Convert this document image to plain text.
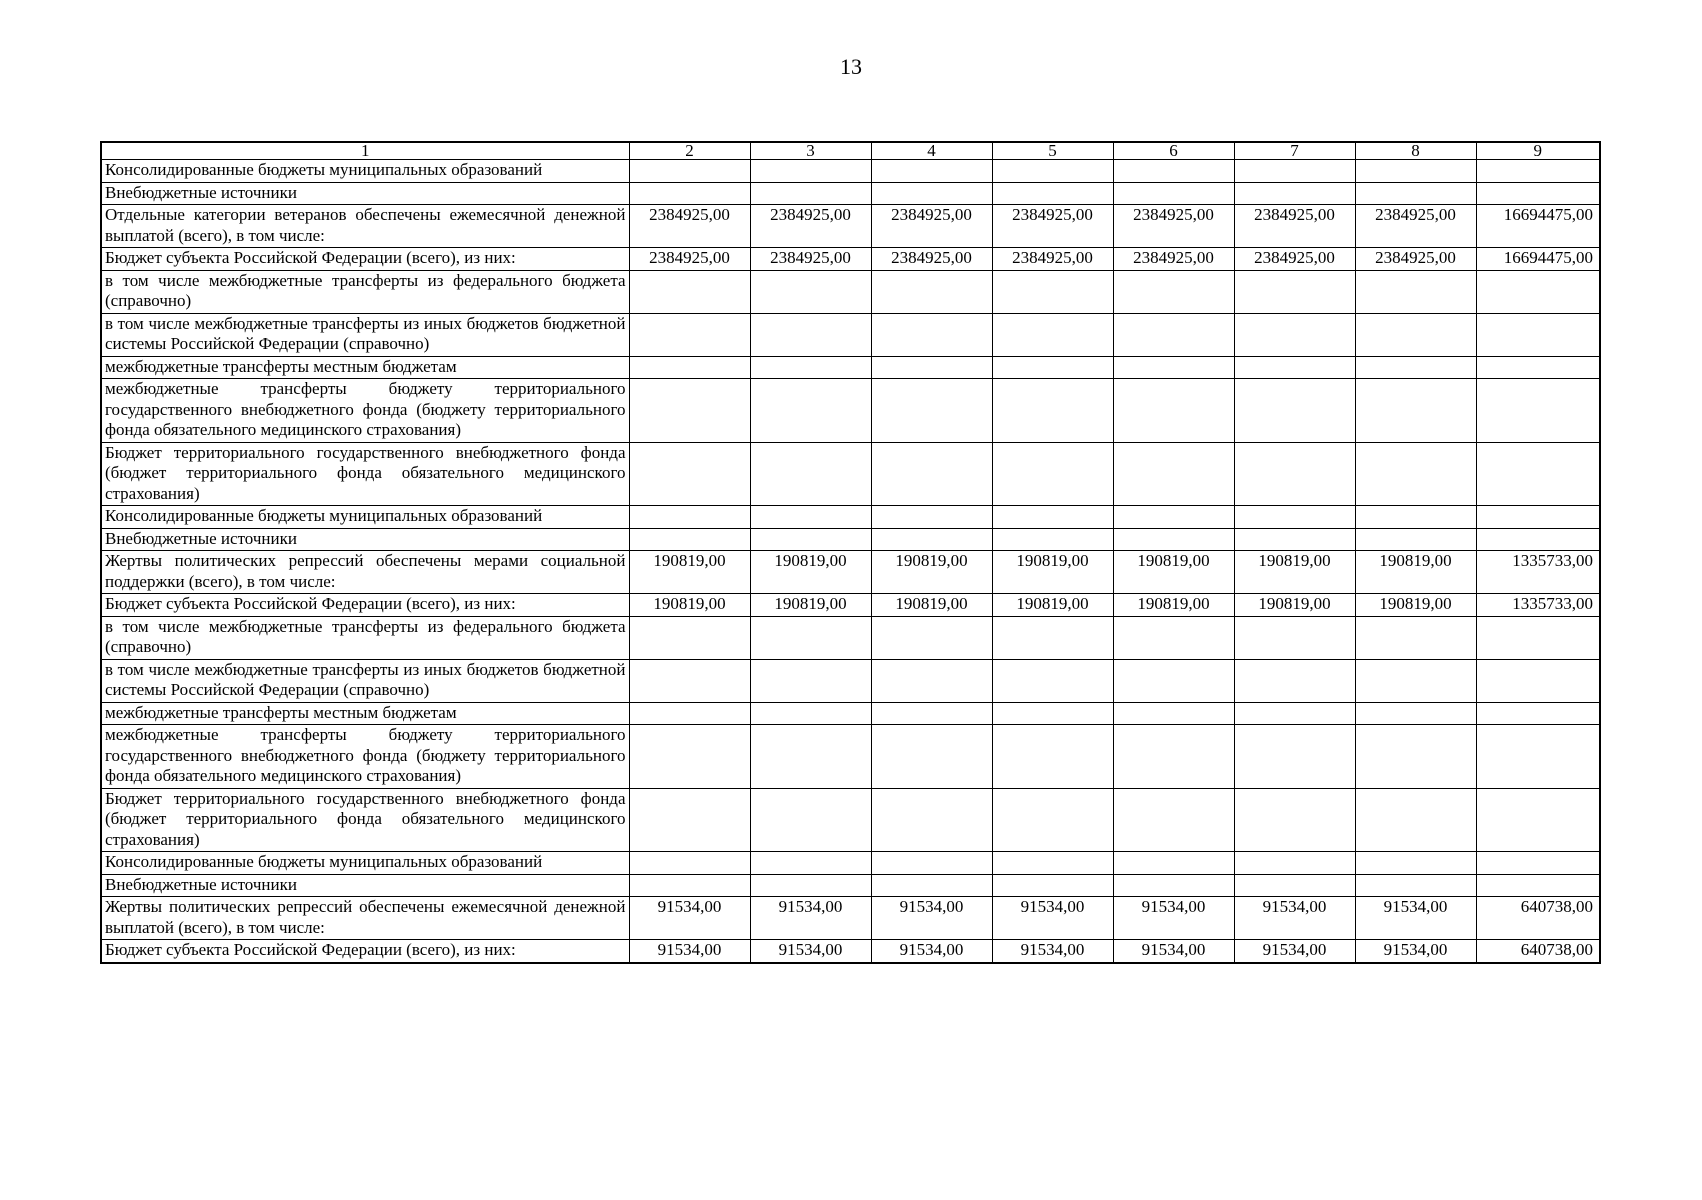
13
1	2	3	4	5	6	7	8	9
Консолидированные бюджеты муниципальных образований								
Внебюджетные источники								
Отдельные категории ветеранов обеспечены ежемесячной денежной выплатой (всего), в том числе:	2384925,00	2384925,00	2384925,00	2384925,00	2384925,00	2384925,00	2384925,00	16694475,00
Бюджет субъекта Российской Федерации (всего), из них:	2384925,00	2384925,00	2384925,00	2384925,00	2384925,00	2384925,00	2384925,00	16694475,00
в том числе межбюджетные трансферты из федерального бюджета (справочно)								
в том числе межбюджетные трансферты из иных бюджетов бюджетной системы Российской Федерации (справочно)								
межбюджетные трансферты местным бюджетам								
межбюджетные трансферты бюджету территориального государственного внебюджетного фонда (бюджету территориального фонда обязательного медицинского страхования)								
Бюджет территориального государственного внебюджетного фонда (бюджет территориального фонда обязательного медицинского страхования)								
Консолидированные бюджеты муниципальных образований								
Внебюджетные источники								
Жертвы политических репрессий обеспечены мерами социальной поддержки (всего), в том числе:	190819,00	190819,00	190819,00	190819,00	190819,00	190819,00	190819,00	1335733,00
Бюджет субъекта Российской Федерации (всего), из них:	190819,00	190819,00	190819,00	190819,00	190819,00	190819,00	190819,00	1335733,00
в том числе межбюджетные трансферты из федерального бюджета (справочно)								
в том числе межбюджетные трансферты из иных бюджетов бюджетной системы Российской Федерации (справочно)								
межбюджетные трансферты местным бюджетам								
межбюджетные трансферты бюджету территориального государственного внебюджетного фонда (бюджету территориального фонда обязательного медицинского страхования)								
Бюджет территориального государственного внебюджетного фонда (бюджет территориального фонда обязательного медицинского страхования)								
Консолидированные бюджеты муниципальных образований								
Внебюджетные источники								
Жертвы политических репрессий обеспечены ежемесячной денежной выплатой (всего), в том числе:	91534,00	91534,00	91534,00	91534,00	91534,00	91534,00	91534,00	640738,00
Бюджет субъекта Российской Федерации (всего), из них:	91534,00	91534,00	91534,00	91534,00	91534,00	91534,00	91534,00	640738,00
